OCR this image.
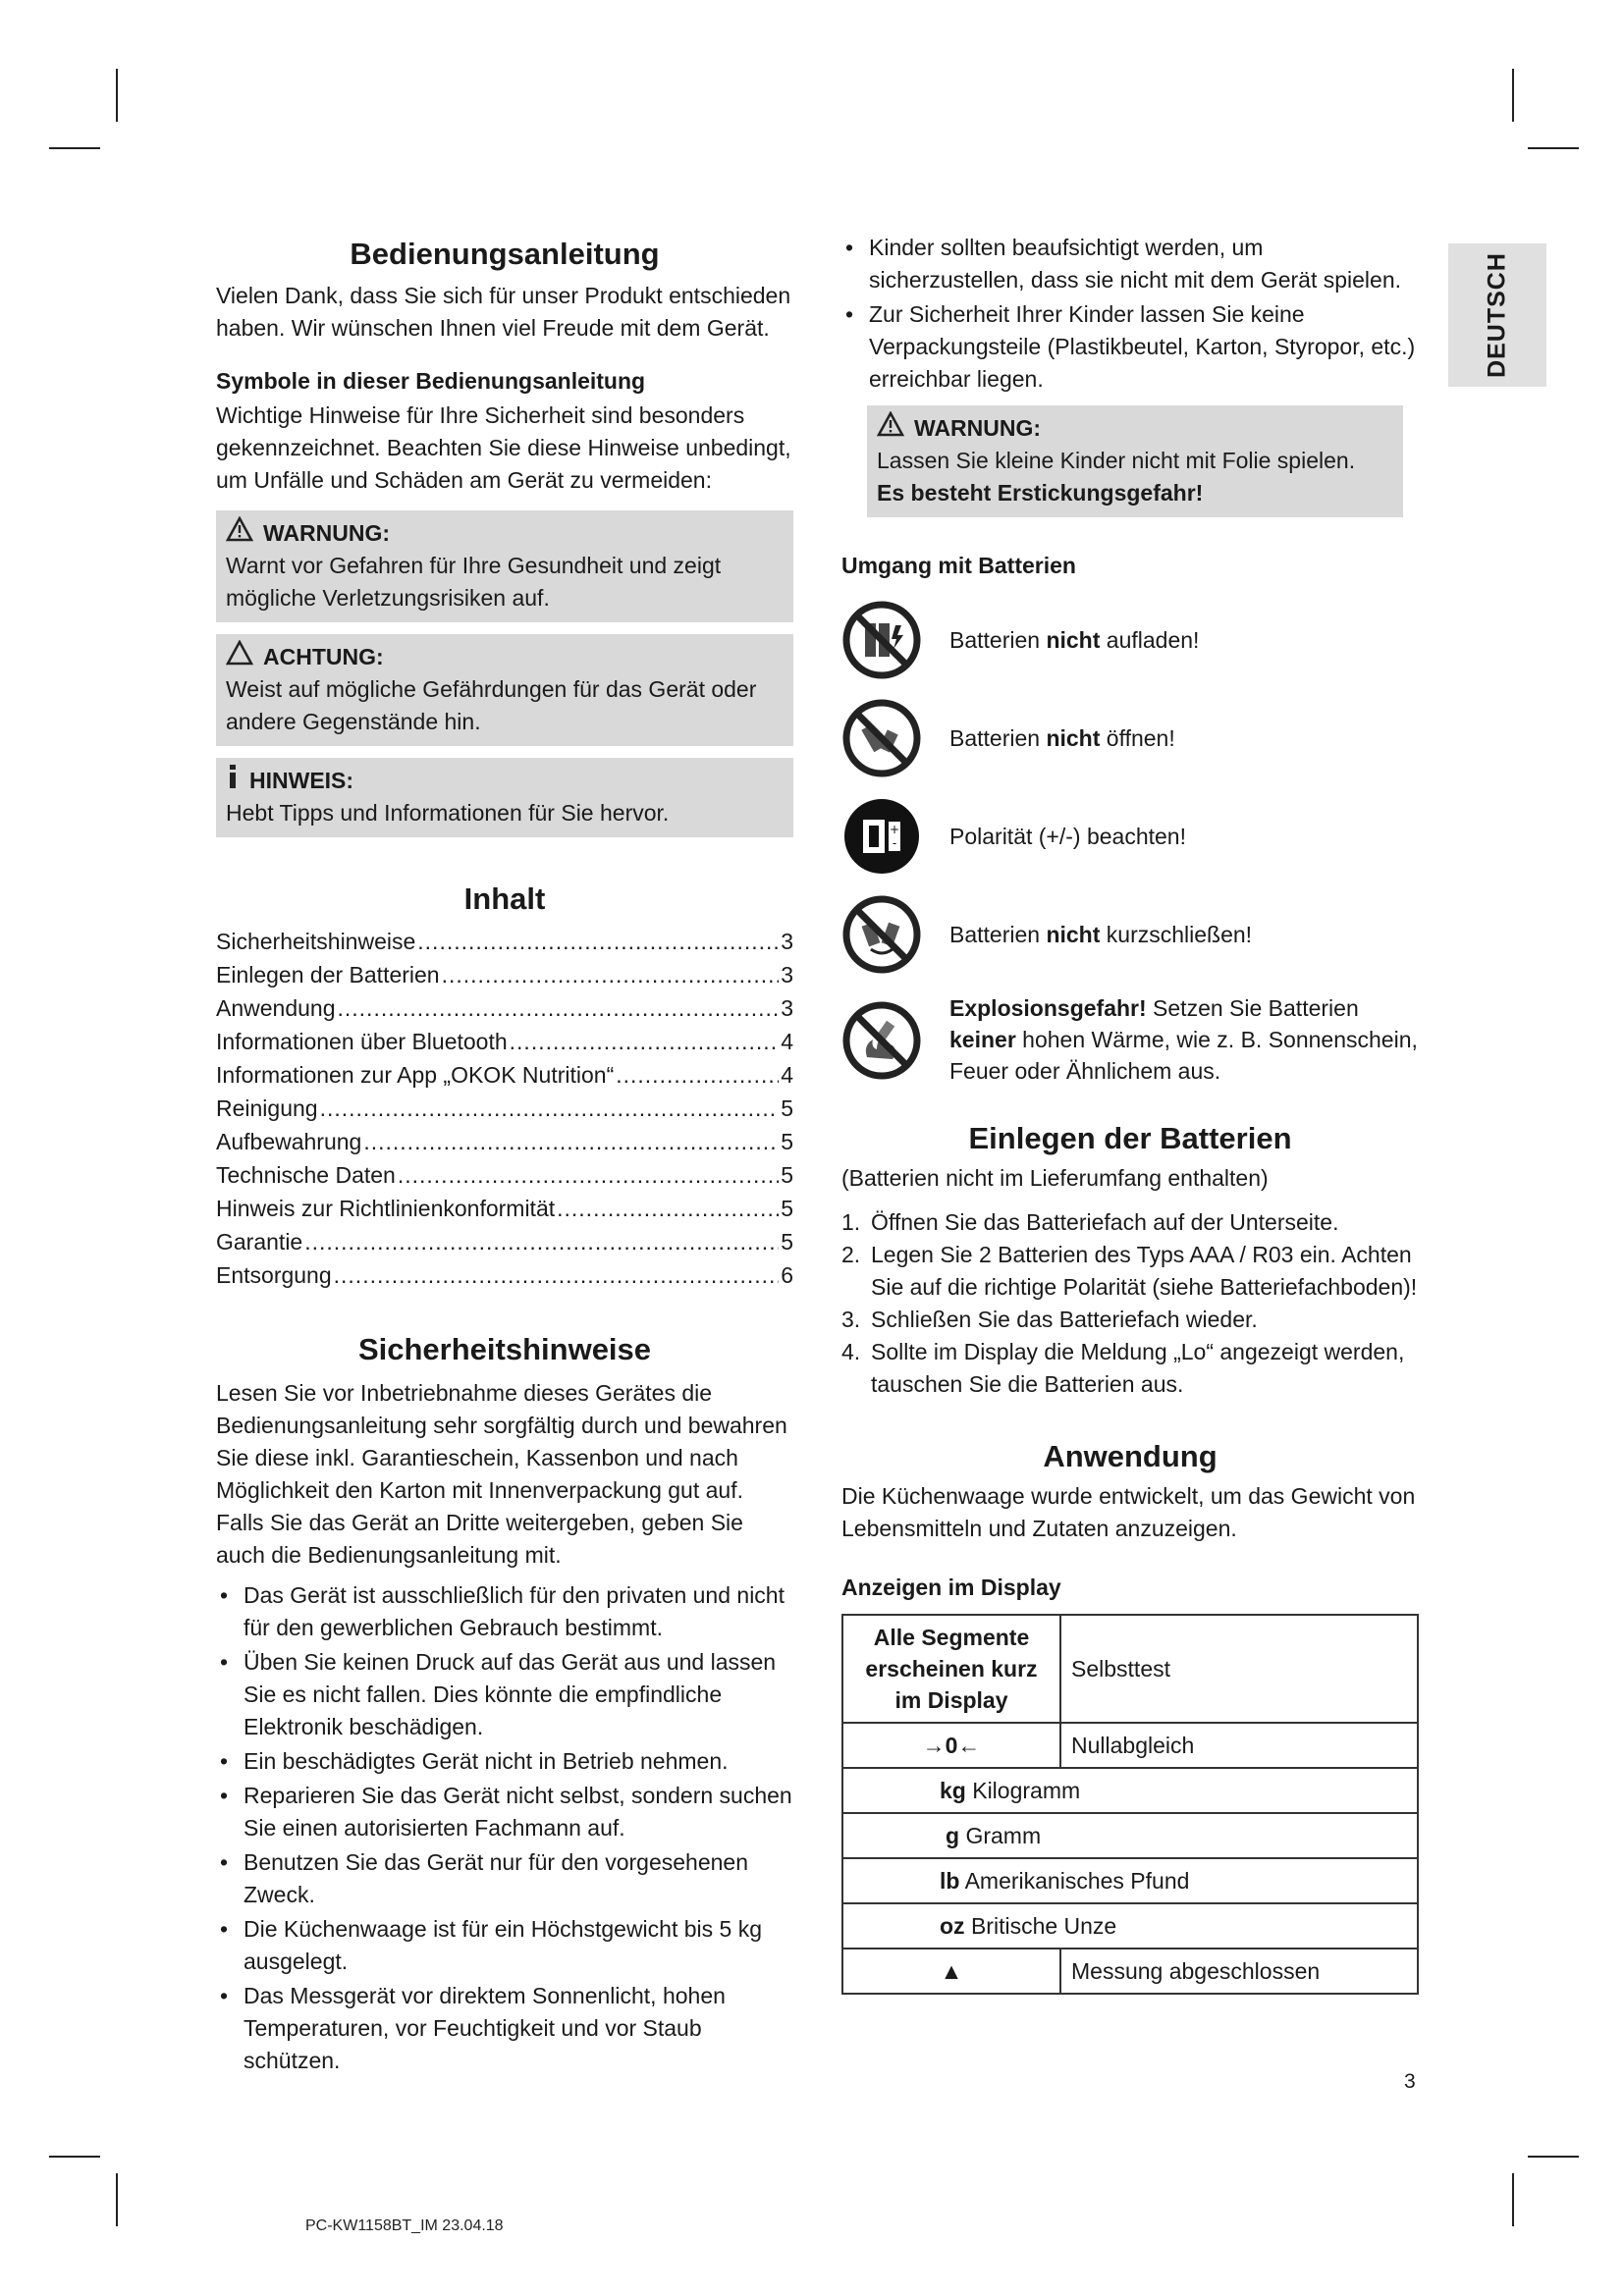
DEUTSCH
Bedienungsanleitung

Vielen Dank, dass Sie sich für unser Produkt entschieden haben. Wir wünschen Ihnen viel Freude mit dem Gerät.

Symbole in dieser Bedienungsanleitung

Wichtige Hinweise für Ihre Sicherheit sind besonders gekennzeichnet. Beachten Sie diese Hinweise unbedingt, um Unfälle und Schäden am Gerät zu vermeiden:

WARNUNG:
Warnt vor Gefahren für Ihre Gesundheit und zeigt mögliche Verletzungsrisiken auf.
ACHTUNG:
Weist auf mögliche Gefährdungen für das Gerät oder andere Gegenstände hin.
HINWEIS:
Hebt Tipps und Informationen für Sie hervor.
Inhalt
Sicherheitshinweise .....	3
Einlegen der Batterien .....	3
Anwendung .....	3
Informationen über Bluetooth .....	4
Informationen zur App „OKOK Nutrition“ .....	4
Reinigung .....	5
Aufbewahrung .....	5
Technische Daten .....	5
Hinweis zur Richtlinienkonformität .....	5
Garantie .....	5
Entsorgung .....	6
Sicherheitshinweise

Lesen Sie vor Inbetriebnahme dieses Gerätes die Bedienungsanleitung sehr sorgfältig durch und bewahren Sie diese inkl. Garantieschein, Kassenbon und nach Möglichkeit den Karton mit Innenverpackung gut auf. Falls Sie das Gerät an Dritte weitergeben, geben Sie auch die Bedienungsanleitung mit.

• Das Gerät ist ausschließlich für den privaten und nicht für den gewerblichen Gebrauch bestimmt.
• Üben Sie keinen Druck auf das Gerät aus und lassen Sie es nicht fallen. Dies könnte die empfindliche Elektronik beschädigen.
• Ein beschädigtes Gerät nicht in Betrieb nehmen.
• Reparieren Sie das Gerät nicht selbst, sondern suchen Sie einen autorisierten Fachmann auf.
• Benutzen Sie das Gerät nur für den vorgesehenen Zweck.
• Die Küchenwaage ist für ein Höchstgewicht bis 5 kg ausgelegt.
• Das Messgerät vor direktem Sonnenlicht, hohen Temperaturen, vor Feuchtigkeit und vor Staub schützen.
• Kinder sollten beaufsichtigt werden, um sicherzustellen, dass sie nicht mit dem Gerät spielen.
• Zur Sicherheit Ihrer Kinder lassen Sie keine Verpackungsteile (Plastikbeutel, Karton, Styropor, etc.) erreichbar liegen.
WARNUNG:
Lassen Sie kleine Kinder nicht mit Folie spielen.
Es besteht Erstickungsgefahr!
Umgang mit Batterien
Batterien nicht aufladen!
Batterien nicht öffnen!
+
- Polarität (+/-) beachten!
Batterien nicht kurzschließen!
Explosionsgefahr! Setzen Sie Batterien keiner hohen Wärme, wie z. B. Sonnenschein, Feuer oder Ähnlichem aus.
Einlegen der Batterien

(Batterien nicht im Lieferumfang enthalten)

1. Öffnen Sie das Batteriefach auf der Unterseite.
2. Legen Sie 2 Batterien des Typs AAA / R03 ein. Achten Sie auf die richtige Polarität (siehe Batteriefachboden)!
3. Schließen Sie das Batteriefach wieder.
4. Sollte im Display die Meldung „Lo“ angezeigt werden, tauschen Sie die Batterien aus.
Anwendung

Die Küchenwaage wurde entwickelt, um das Gewicht von Lebensmitteln und Zutaten anzuzeigen.

Anzeigen im Display
Alle Segmente erscheinen kurz im Display	Selbsttest
→0←	Nullabgleich
kg Kilogramm	
g Gramm	
lb Amerikanisches Pfund	
oz Britische Unze	
▲	Messung abgeschlossen
3
PC-KW1158BT_IM 23.04.18
